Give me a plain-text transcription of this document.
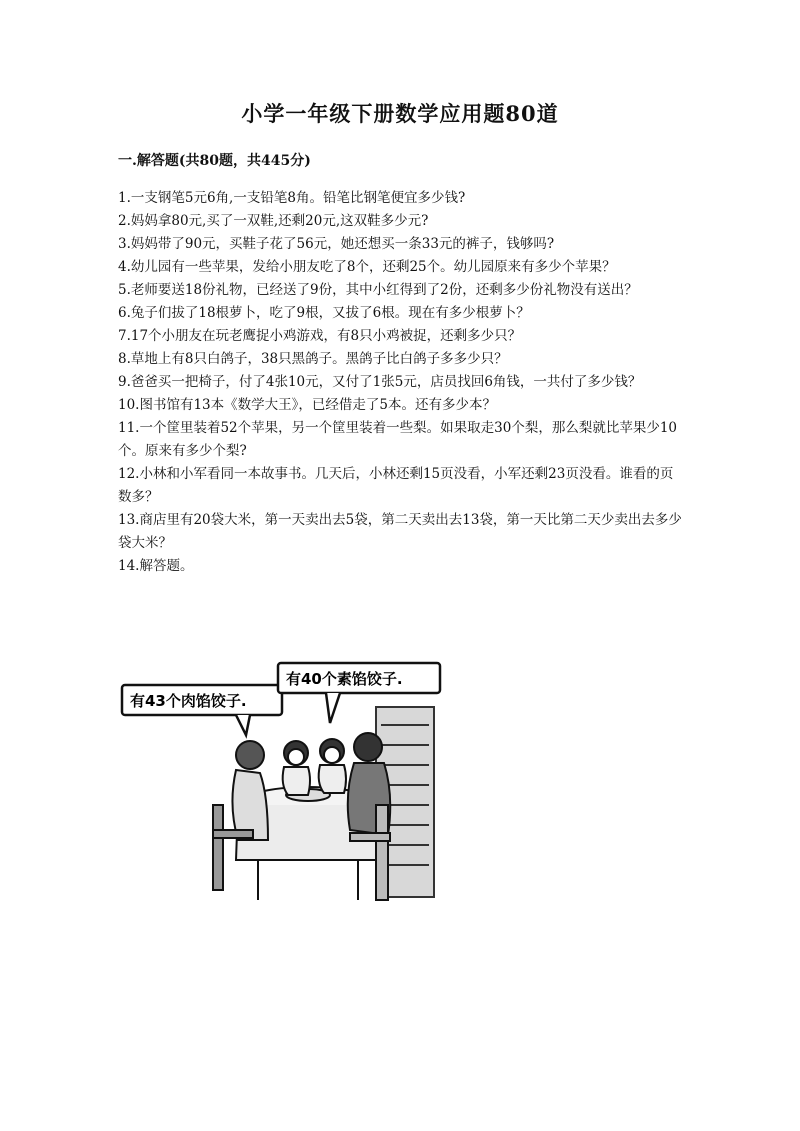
小学一年级下册数学应用题80道
一.解答题(共80题，共445分)

1.一支钢笔5元6角,一支铅笔8角。铅笔比钢笔便宜多少钱?

2.妈妈拿80元,买了一双鞋,还剩20元,这双鞋多少元?

3.妈妈带了90元，买鞋子花了56元，她还想买一条33元的裤子，钱够吗?

4.幼儿园有一些苹果，发给小朋友吃了8个，还剩25个。幼儿园原来有多少个苹果？

5.老师要送18份礼物，已经送了9份，其中小红得到了2份，还剩多少份礼物没有送出？

6.兔子们拔了18根萝卜，吃了9根，又拔了6根。现在有多少根萝卜？

7.17个小朋友在玩老鹰捉小鸡游戏，有8只小鸡被捉，还剩多少只？

8.草地上有8只白鸽子，38只黑鸽子。黑鸽子比白鸽子多多少只？

9.爸爸买一把椅子，付了4张10元，又付了1张5元，店员找回6角钱，一共付了多少钱？

10.图书馆有13本《数学大王》，已经借走了5本。还有多少本？

11.一个筐里装着52个苹果，另一个筐里装着一些梨。如果取走30个梨，那么梨就比苹果少10个。原来有多少个梨?

12.小林和小军看同一本故事书。几天后，小林还剩15页没看，小军还剩23页没看。谁看的页数多？

13.商店里有20袋大米，第一天卖出去5袋，第二天卖出去13袋，第一天比第二天少卖出去多少袋大米？

14.解答题。

有43个肉馅饺子.
有40个素馅饺子.
